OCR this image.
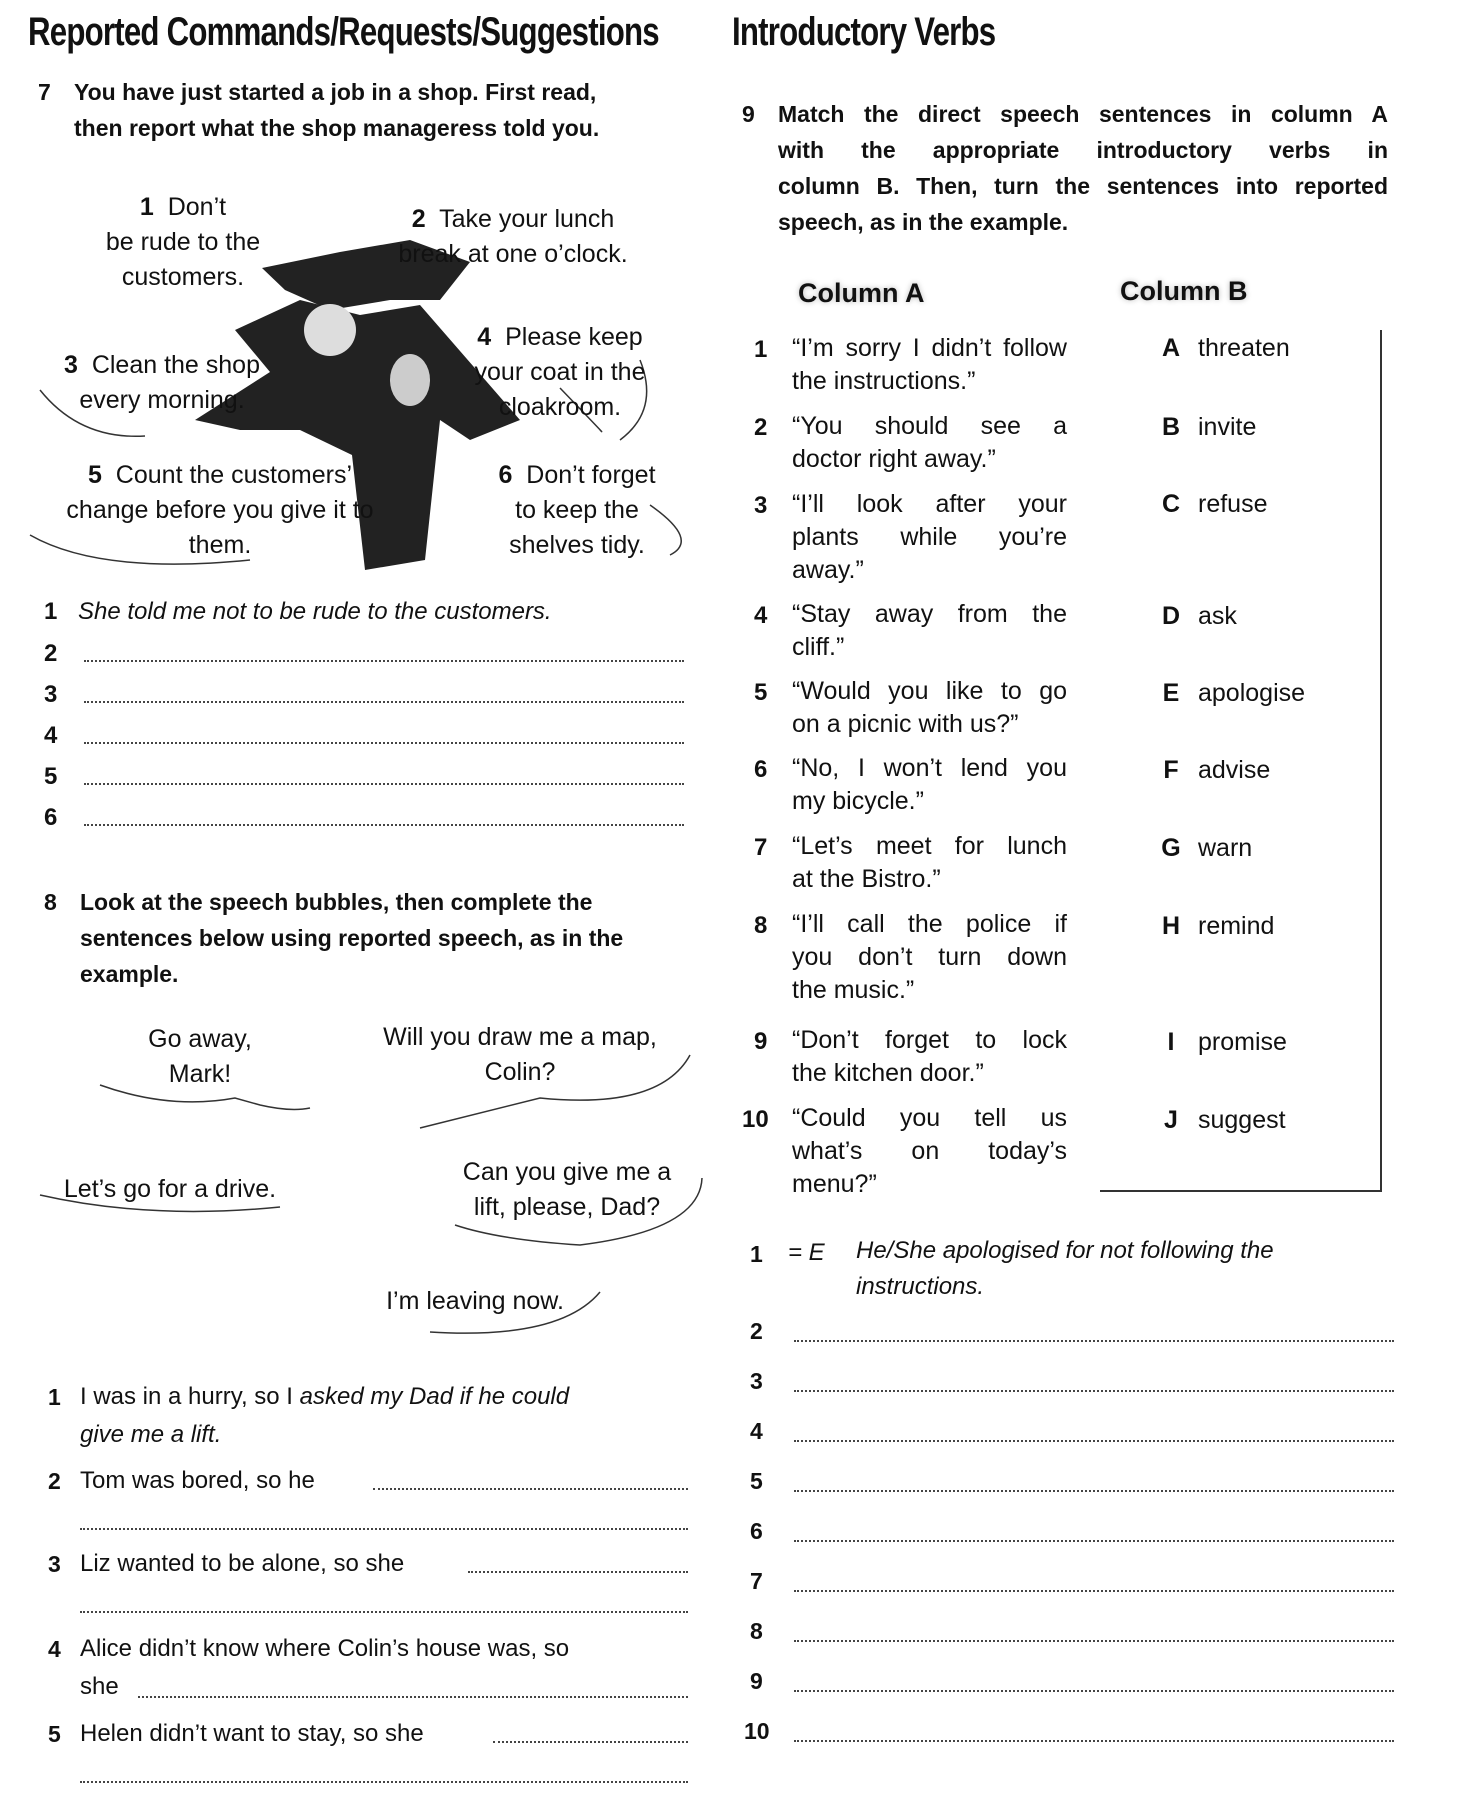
Reported Commands/Requests/Suggestions
7 You have just started a job in a shop. First read,
then report what the shop manageress told you.
1 Don’t
be rude to the
customers.
2 Take your lunch
break at one o’clock.
3 Clean the shop
every morning.
4 Please keep
your coat in the
cloakroom.
5 Count the customers’
change before you give it to
them.
6 Don’t forget
to keep the
shelves tidy.
1 She told me not to be rude to the customers.
2
3
4
5
6
8 Look at the speech bubbles, then complete the
sentences below using reported speech, as in the
example.
Go away,
Mark!
Will you draw me a map,
Colin?
Let’s go for a drive.
Can you give me a
lift, please, Dad?
I’m leaving now.
1 I was in a hurry, so I asked my Dad if he could
give me a lift.
2 Tom was bored, so he
3 Liz wanted to be alone, so she
4 Alice didn’t know where Colin’s house was, so
she
5 Helen didn’t want to stay, so she
Introductory Verbs
9 Match the direct speech sentences in column A
with the appropriate introductory verbs in
column B. Then, turn the sentences into reported
speech, as in the example.
Column A	Column B
1 “I’m sorry I didn’t follow
the instructions.”
2 “You should see a
doctor right away.”
3 “I’ll look after your
plants while you’re
away.”
4 “Stay away from the
cliff.”
5 “Would you like to go
on a picnic with us?”
6 “No, I won’t lend you
my bicycle.”
7 “Let’s meet for lunch
at the Bistro.”
8 “I’ll call the police if
you don’t turn down
the music.”
9 “Don’t forget to lock
the kitchen door.”
10 “Could you tell us
what’s on today’s
menu?”
A threaten
B invite
C refuse
D ask
E apologise
F advise
G warn
H remind
I promise
J suggest
1 = E He/She apologised for not following the
instructions.
2
3
4
5
6
7
8
9
10
